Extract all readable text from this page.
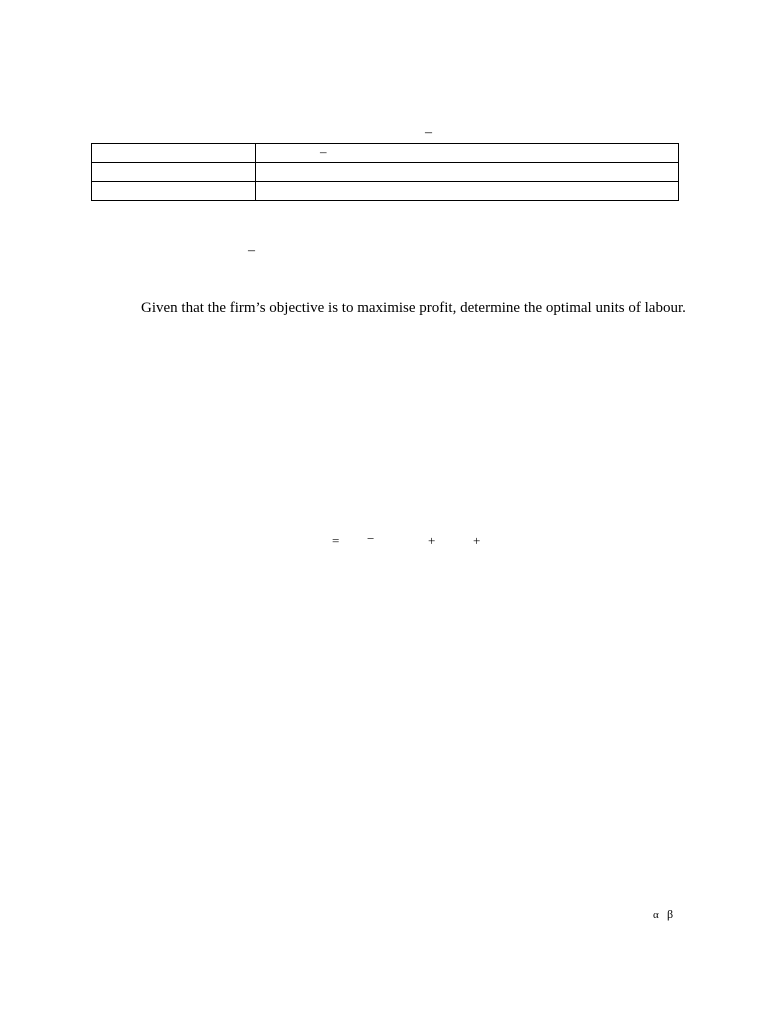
–

	–

–
Given that the firm’s objective is to maximise profit, determine the optimal units of labour.
= −	+	+
α β
